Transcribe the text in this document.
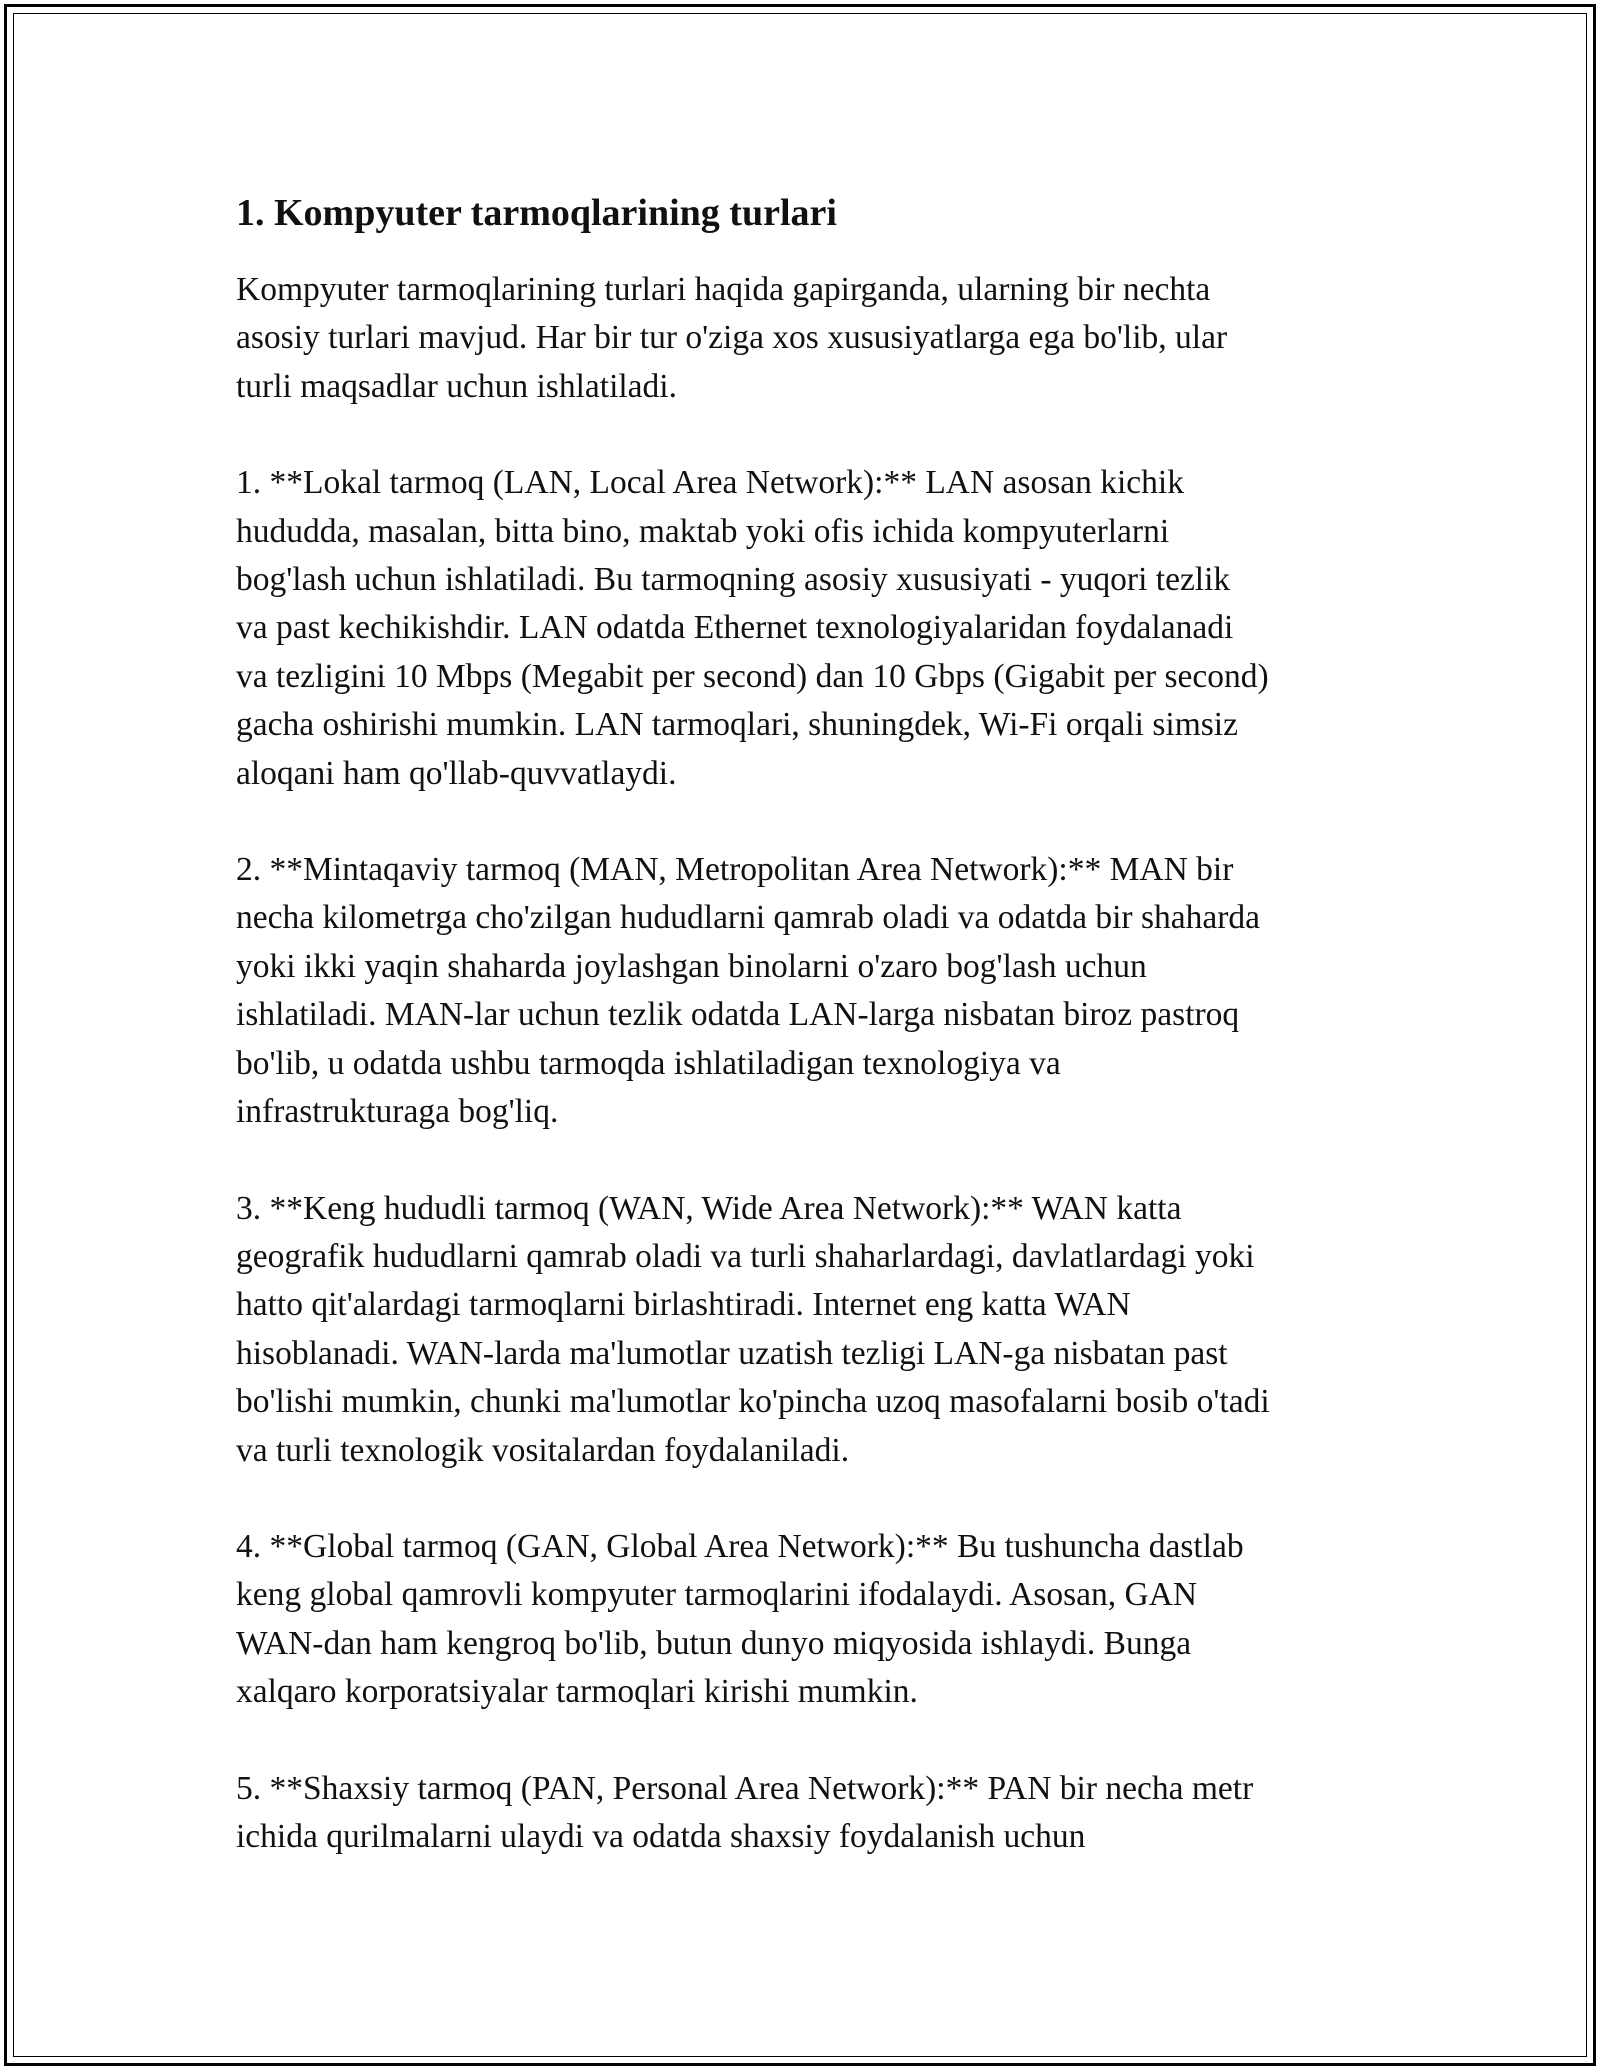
1. Kompyuter tarmoqlarining turlari

Kompyuter tarmoqlarining turlari haqida gapirganda, ularning bir nechta
asosiy turlari mavjud. Har bir tur o'ziga xos xususiyatlarga ega bo'lib, ular
turli maqsadlar uchun ishlatiladi.

1. **Lokal tarmoq (LAN, Local Area Network):** LAN asosan kichik
hududda, masalan, bitta bino, maktab yoki ofis ichida kompyuterlarni
bog'lash uchun ishlatiladi. Bu tarmoqning asosiy xususiyati - yuqori tezlik
va past kechikishdir. LAN odatda Ethernet texnologiyalaridan foydalanadi
va tezligini 10 Mbps (Megabit per second) dan 10 Gbps (Gigabit per second)
gacha oshirishi mumkin. LAN tarmoqlari, shuningdek, Wi-Fi orqali simsiz
aloqani ham qo'llab-quvvatlaydi.

2. **Mintaqaviy tarmoq (MAN, Metropolitan Area Network):** MAN bir
necha kilometrga cho'zilgan hududlarni qamrab oladi va odatda bir shaharda
yoki ikki yaqin shaharda joylashgan binolarni o'zaro bog'lash uchun
ishlatiladi. MAN-lar uchun tezlik odatda LAN-larga nisbatan biroz pastroq
bo'lib, u odatda ushbu tarmoqda ishlatiladigan texnologiya va
infrastrukturaga bog'liq.

3. **Keng hududli tarmoq (WAN, Wide Area Network):** WAN katta
geografik hududlarni qamrab oladi va turli shaharlardagi, davlatlardagi yoki
hatto qit'alardagi tarmoqlarni birlashtiradi. Internet eng katta WAN
hisoblanadi. WAN-larda ma'lumotlar uzatish tezligi LAN-ga nisbatan past
bo'lishi mumkin, chunki ma'lumotlar ko'pincha uzoq masofalarni bosib o'tadi
va turli texnologik vositalardan foydalaniladi.

4. **Global tarmoq (GAN, Global Area Network):** Bu tushuncha dastlab
keng global qamrovli kompyuter tarmoqlarini ifodalaydi. Asosan, GAN
WAN-dan ham kengroq bo'lib, butun dunyo miqyosida ishlaydi. Bunga
xalqaro korporatsiyalar tarmoqlari kirishi mumkin.

5. **Shaxsiy tarmoq (PAN, Personal Area Network):** PAN bir necha metr
ichida qurilmalarni ulaydi va odatda shaxsiy foydalanish uchun
